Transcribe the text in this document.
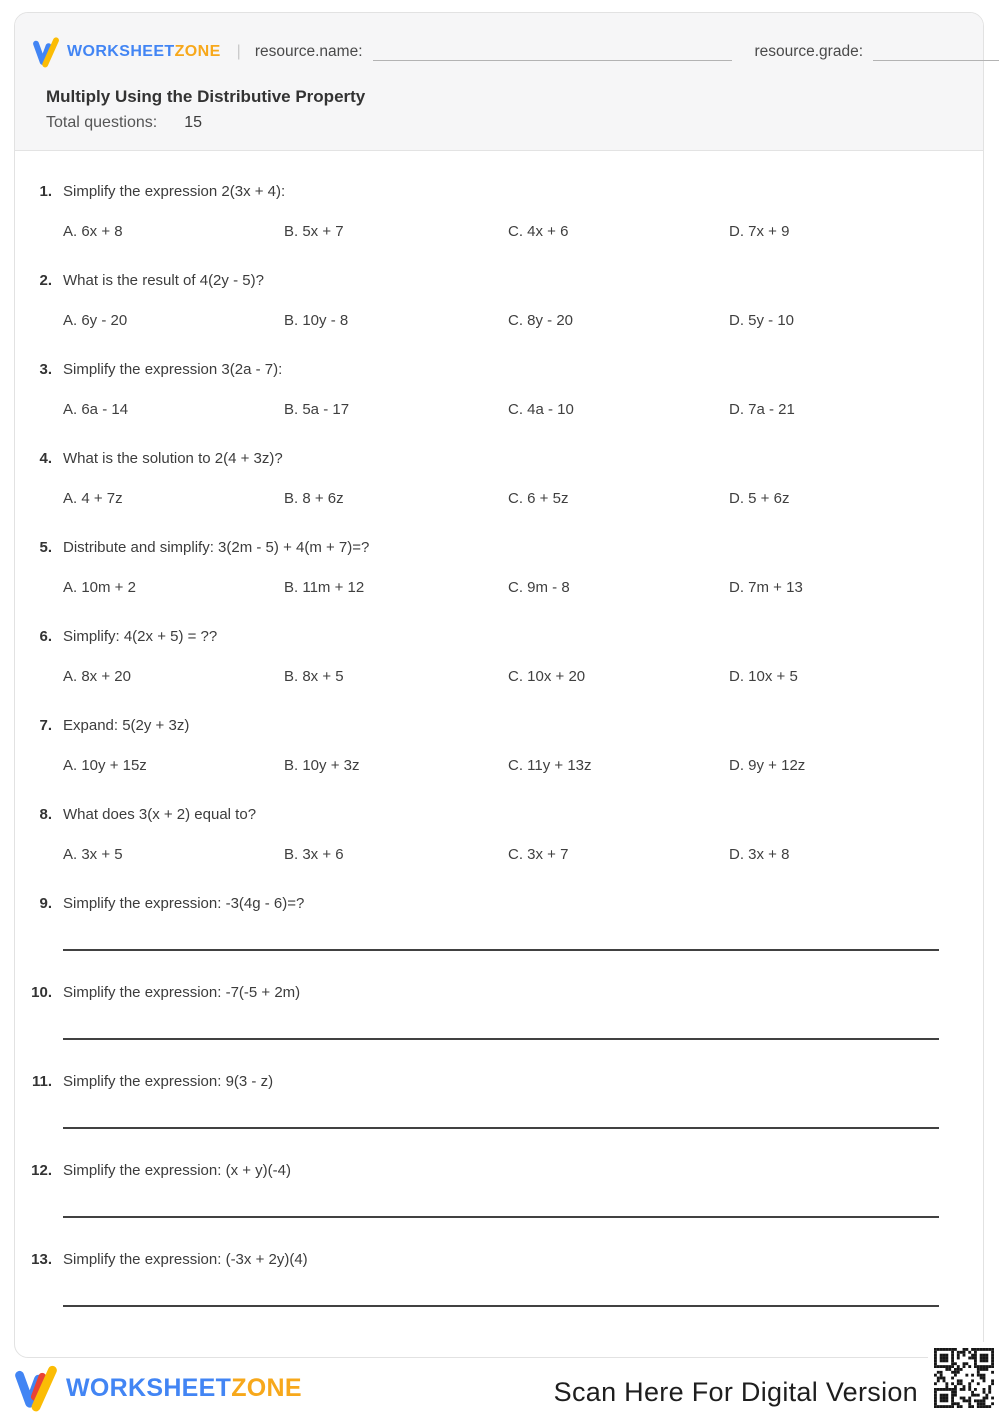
WORKSHEETZONE | resource.name:	resource.grade:
Multiply Using the Distributive Property
Total questions: 15
1. Simplify the expression 2(3x + 4):
A. 6x + 8	B. 5x + 7	C. 4x + 6	D. 7x + 9
2. What is the result of 4(2y - 5)?
A. 6y - 20	B. 10y - 8	C. 8y - 20	D. 5y - 10
3. Simplify the expression 3(2a - 7):
A. 6a - 14	B. 5a - 17	C. 4a - 10	D. 7a - 21
4. What is the solution to 2(4 + 3z)?
A. 4 + 7z	B. 8 + 6z	C. 6 + 5z	D. 5 + 6z
5. Distribute and simplify: 3(2m - 5) + 4(m + 7)=?
A. 10m + 2	B. 11m + 12	C. 9m - 8	D. 7m + 13
6. Simplify: 4(2x + 5) = ??
A. 8x + 20	B. 8x + 5	C. 10x + 20	D. 10x + 5
7. Expand: 5(2y + 3z)
A. 10y + 15z	B. 10y + 3z	C. 11y + 13z	D. 9y + 12z
8. What does 3(x + 2) equal to?
A. 3x + 5	B. 3x + 6	C. 3x + 7	D. 3x + 8
9. Simplify the expression: -3(4g - 6)=?
10. Simplify the expression: -7(-5 + 2m)
11. Simplify the expression: 9(3 - z)
12. Simplify the expression: (x + y)(-4)
13. Simplify the expression: (-3x + 2y)(4)
WORKSHEETZONE	Scan Here For Digital Version
